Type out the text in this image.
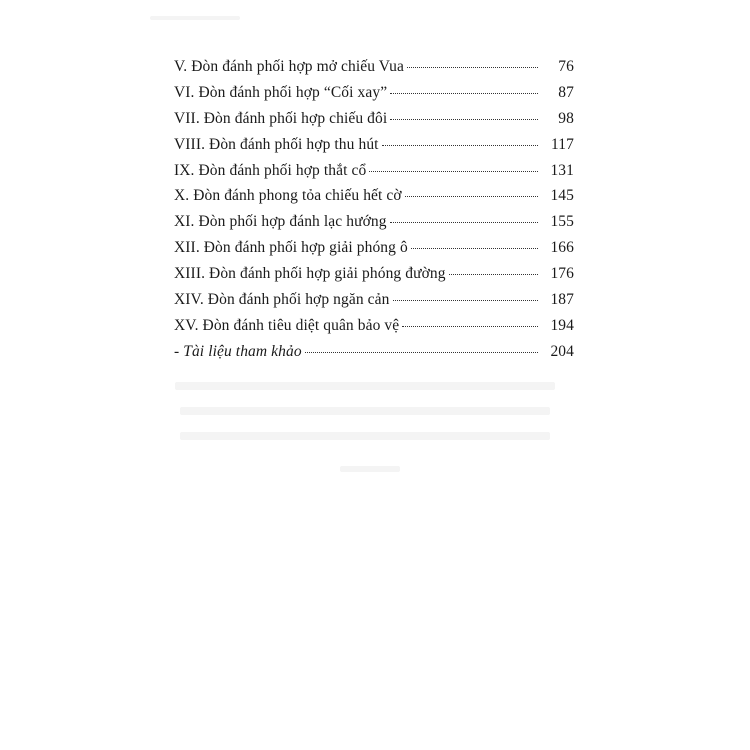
V. Đòn đánh phối hợp mở chiếu Vua	76
VI. Đòn đánh phối hợp “Cối xay”	87
VII. Đòn đánh phối hợp chiếu đôi	98
VIII. Đòn đánh phối hợp thu hút	117
IX. Đòn đánh phối hợp thắt cổ	131
X. Đòn đánh phong tỏa chiếu hết cờ	145
XI. Đòn phối hợp đánh lạc hướng	155
XII. Đòn đánh phối hợp giải phóng ô	166
XIII. Đòn đánh phối hợp giải phóng đường	176
XIV. Đòn đánh phối hợp ngăn cản	187
XV. Đòn đánh tiêu diệt quân bảo vệ	194
- Tài liệu tham khảo	204
